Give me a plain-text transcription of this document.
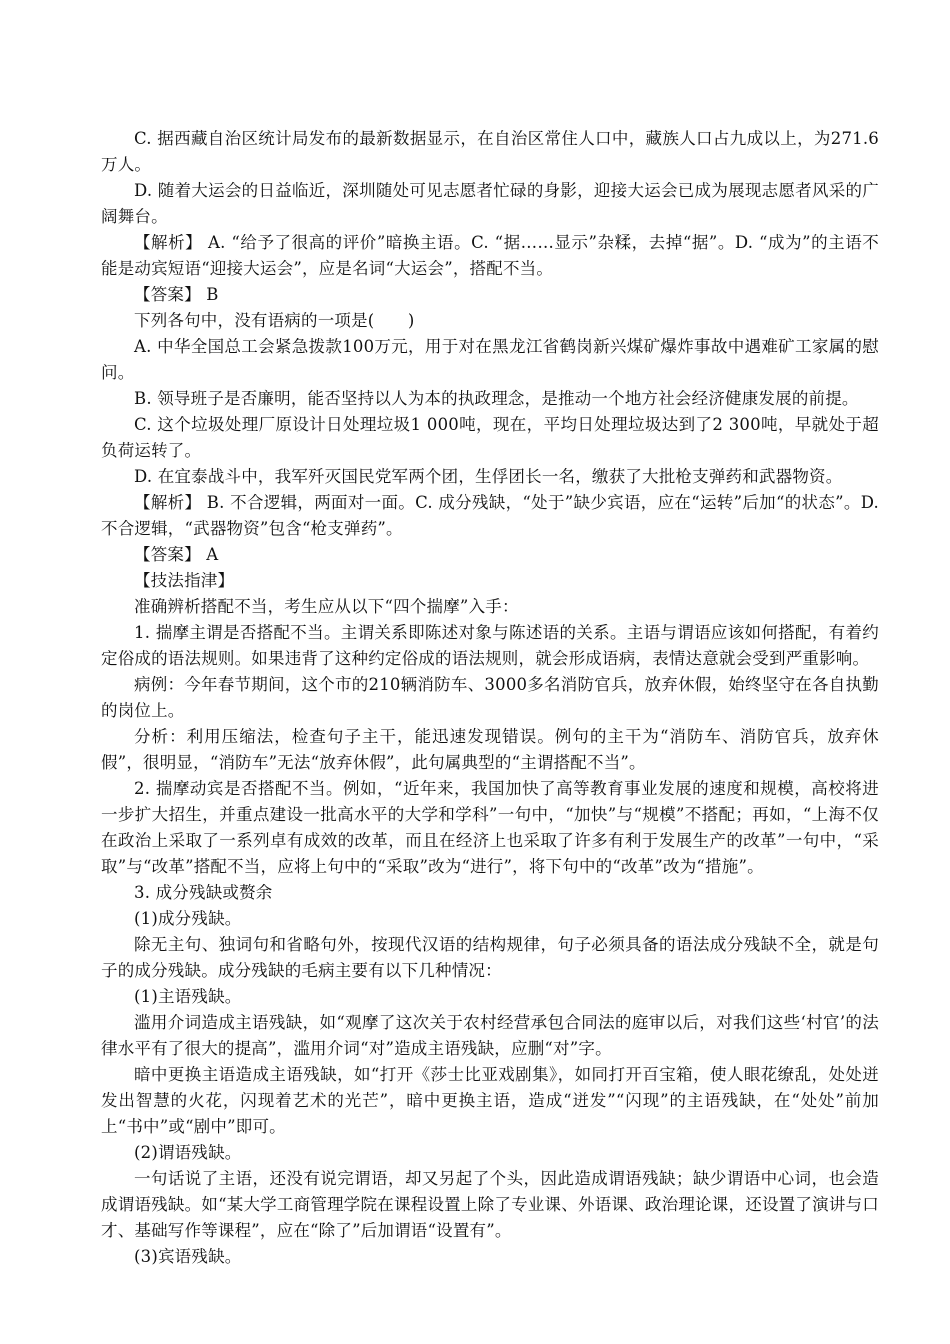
C. 据西藏自治区统计局发布的最新数据显示，在自治区常住人口中，藏族人口占九成以上，为271.6万人。

D. 随着大运会的日益临近，深圳随处可见志愿者忙碌的身影，迎接大运会已成为展现志愿者风采的广阔舞台。

【解析】 A. “给予了很高的评价”暗换主语。C. “据……显示”杂糅，去掉“据”。D. “成为”的主语不能是动宾短语“迎接大运会”，应是名词“大运会”，搭配不当。

【答案】 B

下列各句中，没有语病的一项是(　　)

A. 中华全国总工会紧急拨款100万元，用于对在黑龙江省鹤岗新兴煤矿爆炸事故中遇难矿工家属的慰问。

B. 领导班子是否廉明，能否坚持以人为本的执政理念，是推动一个地方社会经济健康发展的前提。

C. 这个垃圾处理厂原设计日处理垃圾1 000吨，现在，平均日处理垃圾达到了2 300吨，早就处于超负荷运转了。

D. 在宜泰战斗中，我军歼灭国民党军两个团，生俘团长一名，缴获了大批枪支弹药和武器物资。

【解析】 B. 不合逻辑，两面对一面。C. 成分残缺，“处于”缺少宾语，应在“运转”后加“的状态”。D. 不合逻辑，“武器物资”包含“枪支弹药”。

【答案】 A

【技法指津】

准确辨析搭配不当，考生应从以下“四个揣摩”入手：

1. 揣摩主谓是否搭配不当。主谓关系即陈述对象与陈述语的关系。主语与谓语应该如何搭配，有着约定俗成的语法规则。如果违背了这种约定俗成的语法规则，就会形成语病，表情达意就会受到严重影响。

病例：今年春节期间，这个市的210辆消防车、3000多名消防官兵，放弃休假，始终坚守在各自执勤的岗位上。

分析：利用压缩法，检查句子主干，能迅速发现错误。例句的主干为“消防车、消防官兵，放弃休假”，很明显，“消防车”无法“放弃休假”，此句属典型的“主谓搭配不当”。

2. 揣摩动宾是否搭配不当。例如，“近年来，我国加快了高等教育事业发展的速度和规模，高校将进一步扩大招生，并重点建设一批高水平的大学和学科”一句中，“加快”与“规模”不搭配；再如，“上海不仅在政治上采取了一系列卓有成效的改革，而且在经济上也采取了许多有利于发展生产的改革”一句中，“采取”与“改革”搭配不当，应将上句中的“采取”改为“进行”，将下句中的“改革”改为“措施”。

3. 成分残缺或赘余

(1)成分残缺。

除无主句、独词句和省略句外，按现代汉语的结构规律，句子必须具备的语法成分残缺不全，就是句子的成分残缺。成分残缺的毛病主要有以下几种情况：

(1)主语残缺。

滥用介词造成主语残缺，如“观摩了这次关于农村经营承包合同法的庭审以后，对我们这些‘村官’的法律水平有了很大的提高”，滥用介词“对”造成主语残缺，应删“对”字。

暗中更换主语造成主语残缺，如“打开《莎士比亚戏剧集》，如同打开百宝箱，使人眼花缭乱，处处迸发出智慧的火花，闪现着艺术的光芒”，暗中更换主语，造成“迸发”“闪现”的主语残缺，在“处处”前加上“书中”或“剧中”即可。

(2)谓语残缺。

一句话说了主语，还没有说完谓语，却又另起了个头，因此造成谓语残缺；缺少谓语中心词，也会造成谓语残缺。如“某大学工商管理学院在课程设置上除了专业课、外语课、政治理论课，还设置了演讲与口才、基础写作等课程”，应在“除了”后加谓语“设置有”。

(3)宾语残缺。
